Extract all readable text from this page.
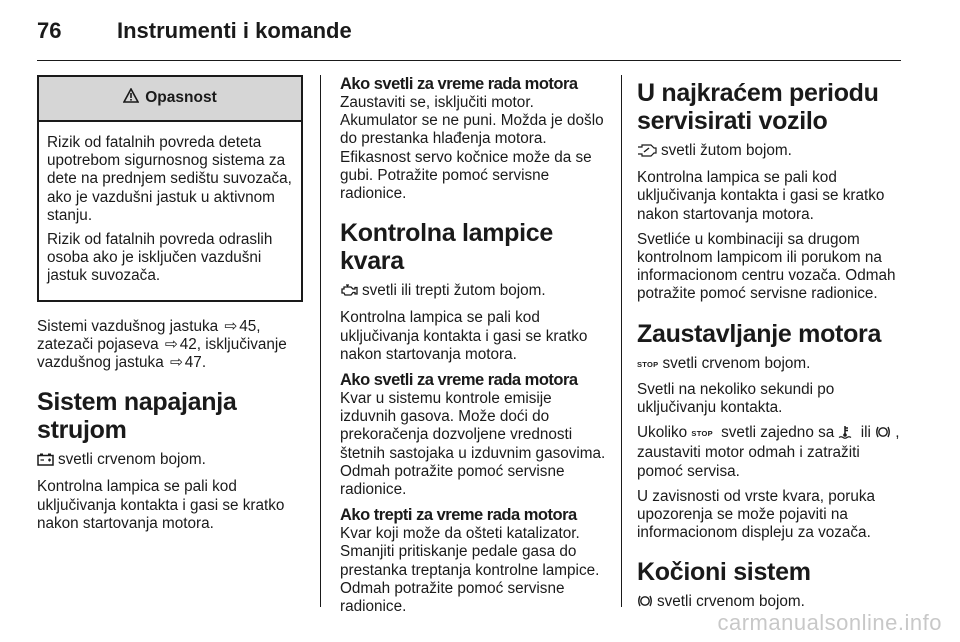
76	Instrumenti i komande
Opasnost

Rizik od fatalnih povreda deteta upotrebom sigurnosnog sistema za dete na prednjem sedištu suvozača, ako je vazdušni jastuk u aktivnom stanju.

Rizik od fatalnih povreda odraslih osoba ako je isključen vazdušni jastuk suvozača.

Sistemi vazdušnog jastuka ⇨ 45, zatezači pojaseva ⇨ 42, isključivanje vazdušnog jastuka ⇨ 47.

Sistem napajanja strujom

svetli crvenom bojom.

Kontrolna lampica se pali kod uključivanja kontakta i gasi se kratko nakon startovanja motora.

Ako svetli za vreme rada motora

Zaustaviti se, isključiti motor. Akumulator se ne puni. Možda je došlo do prestanka hlađenja motora. Efikasnost servo kočnice može da se gubi. Potražite pomoć servisne radionice.

Kontrolna lampice kvara

svetli ili trepti žutom bojom.

Kontrolna lampica se pali kod uključivanja kontakta i gasi se kratko nakon startovanja motora.

Ako svetli za vreme rada motora

Kvar u sistemu kontrole emisije izduvnih gasova. Može doći do prekoračenja dozvoljene vrednosti štetnih sastojaka u izduvnim gasovima. Odmah potražite pomoć servisne radionice.

Ako trepti za vreme rada motora

Kvar koji može da ošteti katalizator. Smanjiti pritiskanje pedale gasa do prestanka treptanja kontrolne lampice. Odmah potražite pomoć servisne radionice.

U najkraćem periodu servisirati vozilo

svetli žutom bojom.

Kontrolna lampica se pali kod uključivanja kontakta i gasi se kratko nakon startovanja motora.

Svetliće u kombinaciji sa drugom kontrolnom lampicom ili porukom na informacionom centru vozača. Odmah potražite pomoć servisne radionice.

Zaustavljanje motora

STOP svetli crvenom bojom.

Svetli na nekoliko sekundi po uključivanju kontakta.

Ukoliko STOP svetli zajedno sa  ili , zaustaviti motor odmah i zatražiti pomoć servisa.

U zavisnosti od vrste kvara, poruka upozorenja se može pojaviti na informacionom displeju za vozača.

Kočioni sistem

svetli crvenom bojom.

carmanualsonline.info
